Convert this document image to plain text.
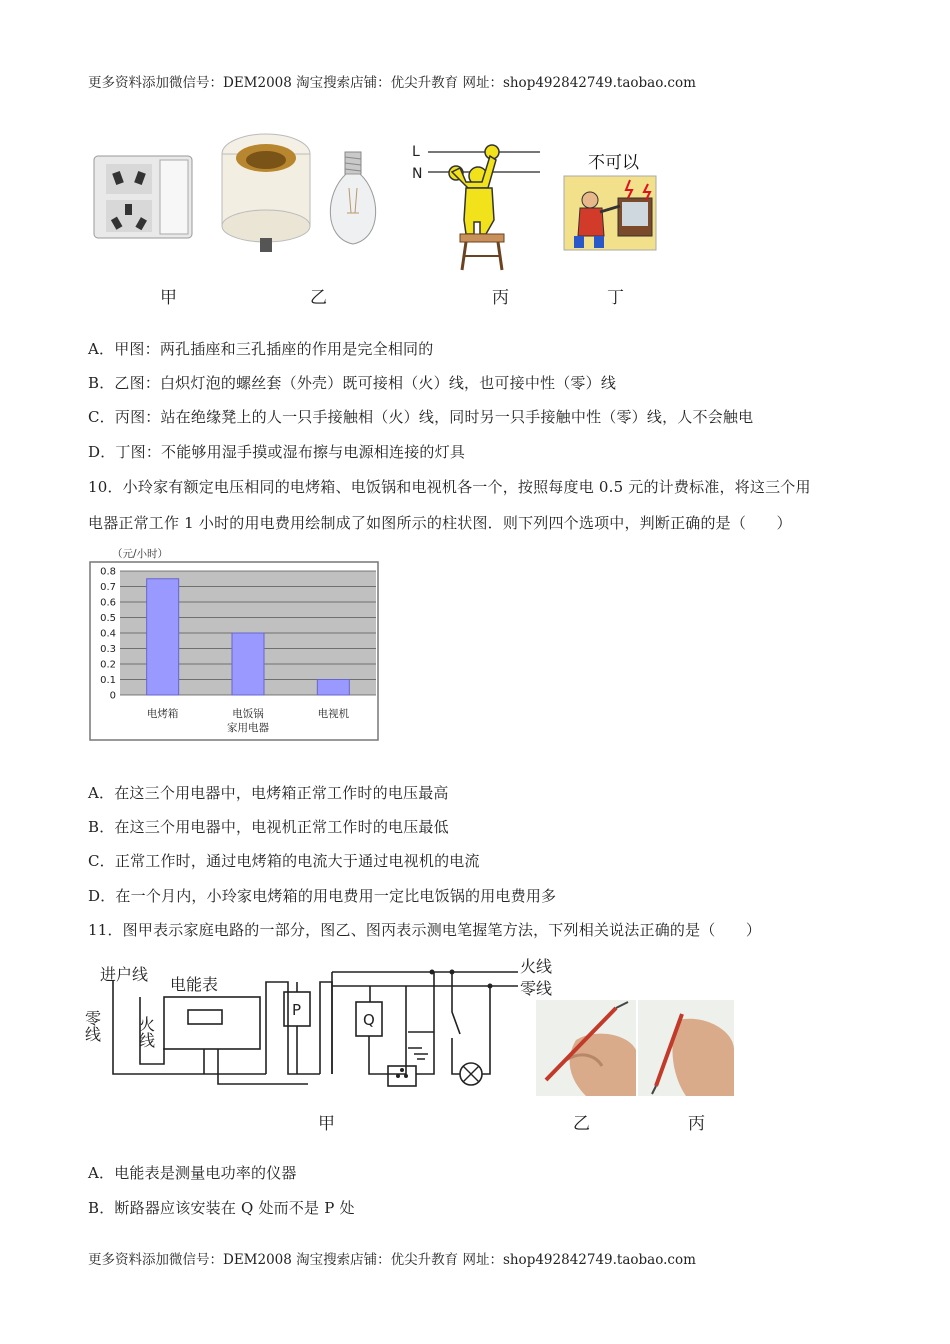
更多资料添加微信号：DEM2008 淘宝搜索店铺：优尖升教育 网址：shop492842749.taobao.com
L
N
不可以
甲	乙	丙	丁
A．甲图：两孔插座和三孔插座的作用是完全相同的
B．乙图：白炽灯泡的螺丝套（外壳）既可接相（火）线，也可接中性（零）线
C．丙图：站在绝缘凳上的人一只手接触相（火）线，同时另一只手接触中性（零）线，人不会触电
D．丁图：不能够用湿手摸或湿布擦与电源相连接的灯具
10．小玲家有额定电压相同的电烤箱、电饭锅和电视机各一个，按照每度电 0.5 元的计费标准，将这三个用
电器正常工作 1 小时的用电费用绘制成了如图所示的柱状图．则下列四个选项中，判断正确的是（　　）
（元/小时）
0
0.1
0.2
0.3
0.4
0.5
0.6
0.7
0.8
电烤箱	电饭锅	电视机
家用电器
A．在这三个用电器中，电烤箱正常工作时的电压最高
B．在这三个用电器中，电视机正常工作时的电压最低
C．正常工作时，通过电烤箱的电流大于通过电视机的电流
D．在一个月内，小玲家电烤箱的用电费用一定比电饭锅的用电费用多
11．图甲表示家庭电路的一部分，图乙、图丙表示测电笔握笔方法，下列相关说法正确的是（　　）
进户线
电能表
零线 火线
火线
零线
P
Q
甲	乙	丙
A．电能表是测量电功率的仪器
B．断路器应该安装在 Q 处而不是 P 处
更多资料添加微信号：DEM2008 淘宝搜索店铺：优尖升教育 网址：shop492842749.taobao.com
